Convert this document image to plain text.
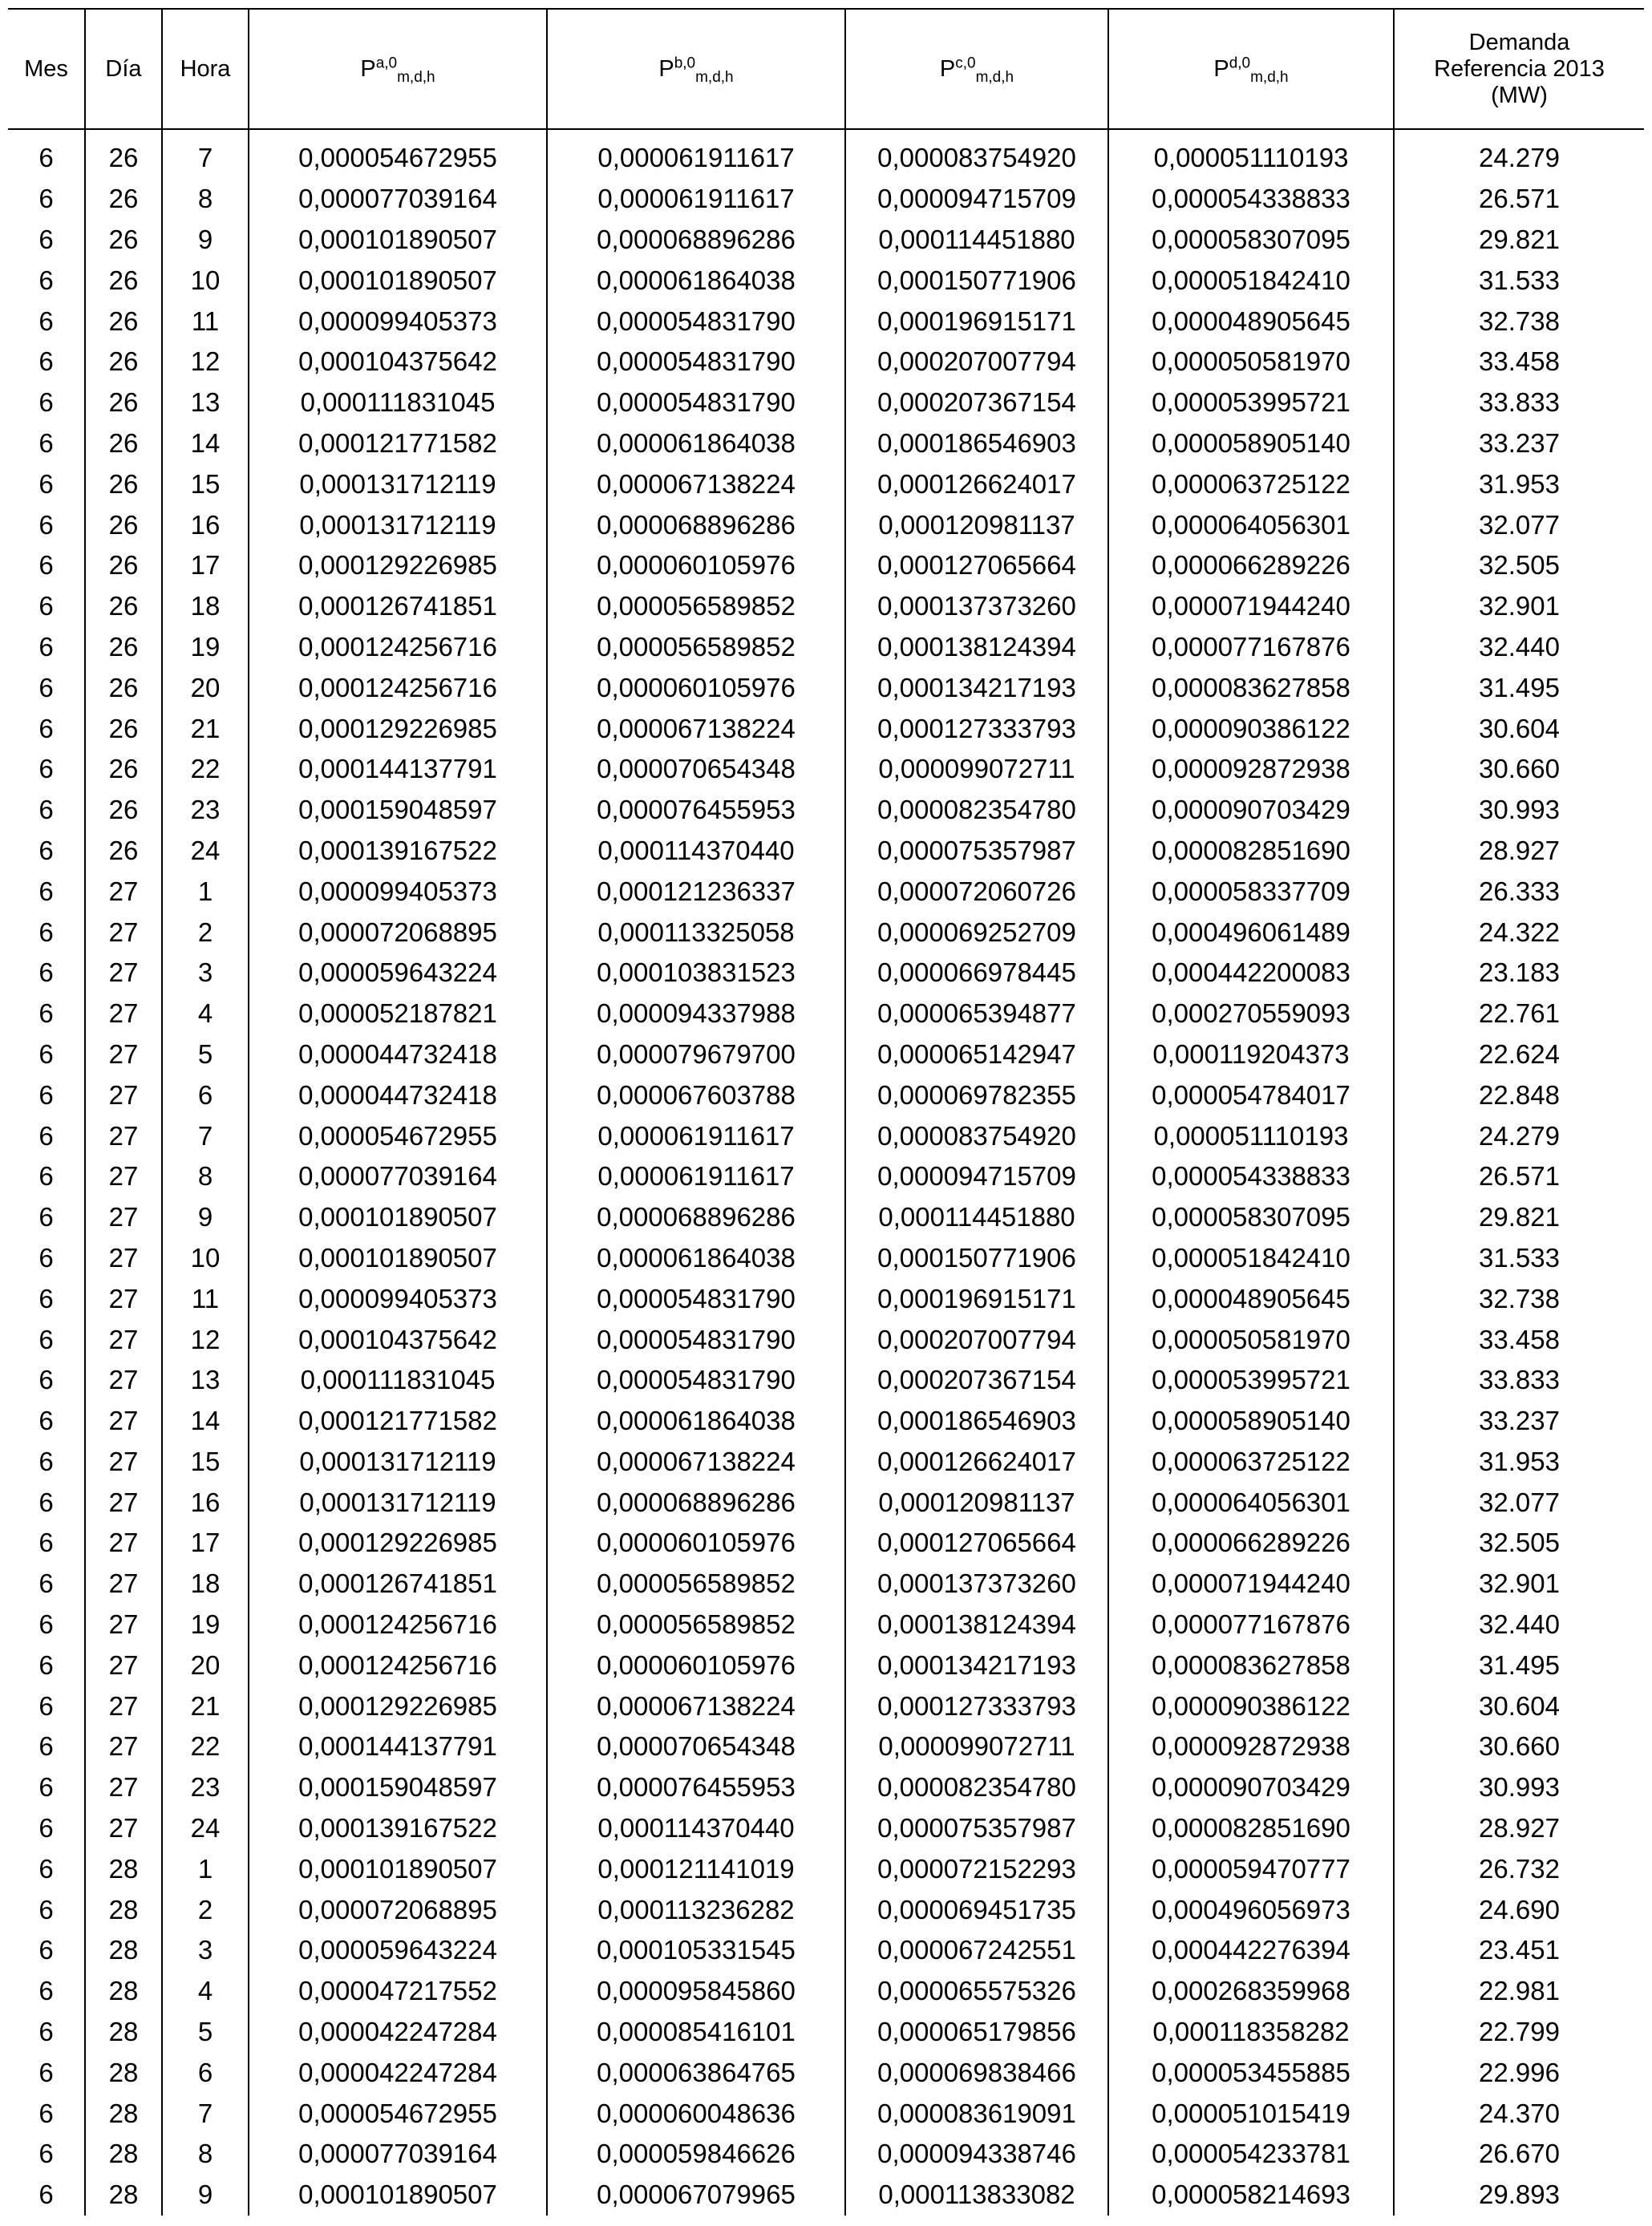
Mes	Día	Hora	P$^{a,0}_{m,d,h}$	P$^{b,0}_{m,d,h}$	P$^{c,0}_{m,d,h}$	P$^{d,0}_{m,d,h}$	Demanda
Referencia 2013
(MW)
6	26	7	0,000054672955	0,000061911617	0,000083754920	0,000051110193	24.279
6	26	8	0,000077039164	0,000061911617	0,000094715709	0,000054338833	26.571
6	26	9	0,000101890507	0,000068896286	0,000114451880	0,000058307095	29.821
6	26	10	0,000101890507	0,000061864038	0,000150771906	0,000051842410	31.533
6	26	11	0,000099405373	0,000054831790	0,000196915171	0,000048905645	32.738
6	26	12	0,000104375642	0,000054831790	0,000207007794	0,000050581970	33.458
6	26	13	0,000111831045	0,000054831790	0,000207367154	0,000053995721	33.833
6	26	14	0,000121771582	0,000061864038	0,000186546903	0,000058905140	33.237
6	26	15	0,000131712119	0,000067138224	0,000126624017	0,000063725122	31.953
6	26	16	0,000131712119	0,000068896286	0,000120981137	0,000064056301	32.077
6	26	17	0,000129226985	0,000060105976	0,000127065664	0,000066289226	32.505
6	26	18	0,000126741851	0,000056589852	0,000137373260	0,000071944240	32.901
6	26	19	0,000124256716	0,000056589852	0,000138124394	0,000077167876	32.440
6	26	20	0,000124256716	0,000060105976	0,000134217193	0,000083627858	31.495
6	26	21	0,000129226985	0,000067138224	0,000127333793	0,000090386122	30.604
6	26	22	0,000144137791	0,000070654348	0,000099072711	0,000092872938	30.660
6	26	23	0,000159048597	0,000076455953	0,000082354780	0,000090703429	30.993
6	26	24	0,000139167522	0,000114370440	0,000075357987	0,000082851690	28.927
6	27	1	0,000099405373	0,000121236337	0,000072060726	0,000058337709	26.333
6	27	2	0,000072068895	0,000113325058	0,000069252709	0,000496061489	24.322
6	27	3	0,000059643224	0,000103831523	0,000066978445	0,000442200083	23.183
6	27	4	0,000052187821	0,000094337988	0,000065394877	0,000270559093	22.761
6	27	5	0,000044732418	0,000079679700	0,000065142947	0,000119204373	22.624
6	27	6	0,000044732418	0,000067603788	0,000069782355	0,000054784017	22.848
6	27	7	0,000054672955	0,000061911617	0,000083754920	0,000051110193	24.279
6	27	8	0,000077039164	0,000061911617	0,000094715709	0,000054338833	26.571
6	27	9	0,000101890507	0,000068896286	0,000114451880	0,000058307095	29.821
6	27	10	0,000101890507	0,000061864038	0,000150771906	0,000051842410	31.533
6	27	11	0,000099405373	0,000054831790	0,000196915171	0,000048905645	32.738
6	27	12	0,000104375642	0,000054831790	0,000207007794	0,000050581970	33.458
6	27	13	0,000111831045	0,000054831790	0,000207367154	0,000053995721	33.833
6	27	14	0,000121771582	0,000061864038	0,000186546903	0,000058905140	33.237
6	27	15	0,000131712119	0,000067138224	0,000126624017	0,000063725122	31.953
6	27	16	0,000131712119	0,000068896286	0,000120981137	0,000064056301	32.077
6	27	17	0,000129226985	0,000060105976	0,000127065664	0,000066289226	32.505
6	27	18	0,000126741851	0,000056589852	0,000137373260	0,000071944240	32.901
6	27	19	0,000124256716	0,000056589852	0,000138124394	0,000077167876	32.440
6	27	20	0,000124256716	0,000060105976	0,000134217193	0,000083627858	31.495
6	27	21	0,000129226985	0,000067138224	0,000127333793	0,000090386122	30.604
6	27	22	0,000144137791	0,000070654348	0,000099072711	0,000092872938	30.660
6	27	23	0,000159048597	0,000076455953	0,000082354780	0,000090703429	30.993
6	27	24	0,000139167522	0,000114370440	0,000075357987	0,000082851690	28.927
6	28	1	0,000101890507	0,000121141019	0,000072152293	0,000059470777	26.732
6	28	2	0,000072068895	0,000113236282	0,000069451735	0,000496056973	24.690
6	28	3	0,000059643224	0,000105331545	0,000067242551	0,000442276394	23.451
6	28	4	0,000047217552	0,000095845860	0,000065575326	0,000268359968	22.981
6	28	5	0,000042247284	0,000085416101	0,000065179856	0,000118358282	22.799
6	28	6	0,000042247284	0,000063864765	0,000069838466	0,000053455885	22.996
6	28	7	0,000054672955	0,000060048636	0,000083619091	0,000051015419	24.370
6	28	8	0,000077039164	0,000059846626	0,000094338746	0,000054233781	26.670
6	28	9	0,000101890507	0,000067079965	0,000113833082	0,000058214693	29.893
